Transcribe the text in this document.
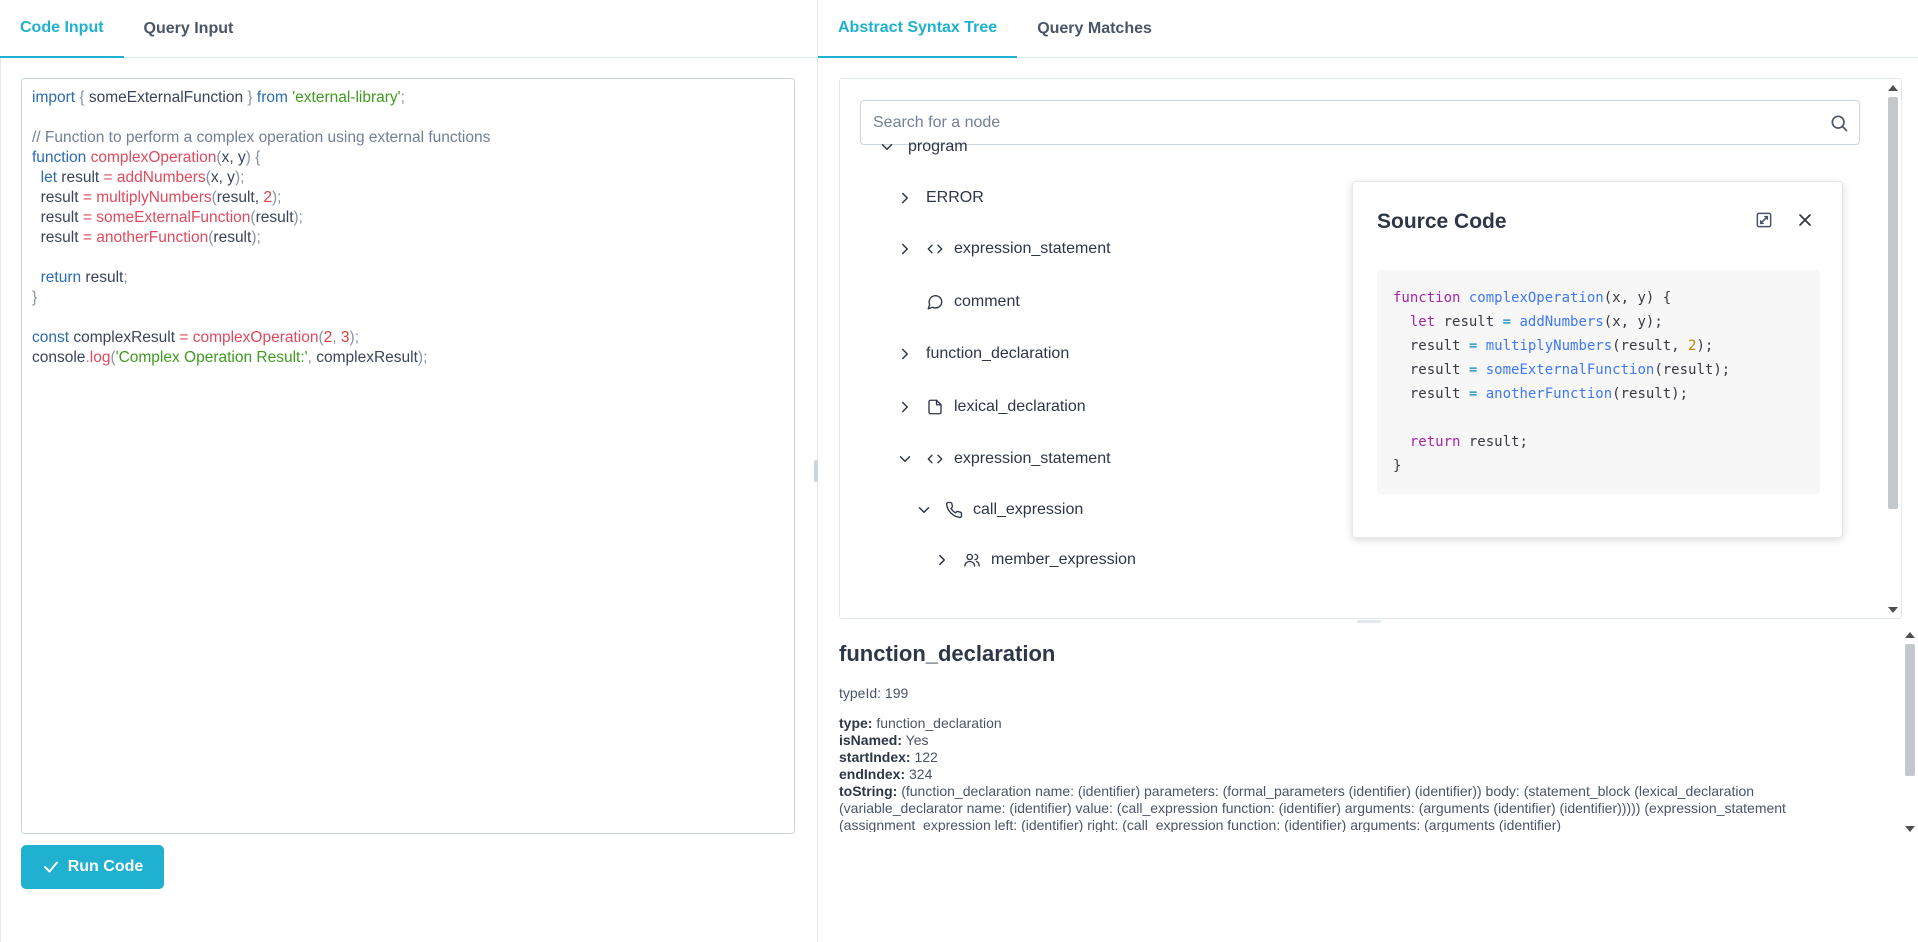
Code Input	Query Input	Abstract Syntax Tree	Query Matches
import { someExternalFunction } from 'external-library';

// Function to perform a complex operation using external functions
function complexOperation(x, y) {
let result = addNumbers(x, y);
result = multiplyNumbers(result, 2);
result = someExternalFunction(result);
result = anotherFunction(result);

return result;
}

const complexResult = complexOperation(2, 3);
console.log('Complex Operation Result:', complexResult);
Run Code
Search for a node
program
ERROR
expression_statement
comment
function_declaration
lexical_declaration
expression_statement
call_expression
member_expression
Source Code
function complexOperation(x, y) {
let result = addNumbers(x, y);
result = multiplyNumbers(result, 2);
result = someExternalFunction(result);
result = anotherFunction(result);

return result;
}
function_declaration
typeId: 199
type: function_declaration
isNamed: Yes
startIndex: 122
endIndex: 324
toString: (function_declaration name: (identifier) parameters: (formal_parameters (identifier) (identifier)) body: (statement_block (lexical_declaration (variable_declarator name: (identifier) value: (call_expression function: (identifier) arguments: (arguments (identifier) (identifier))))) (expression_statement (assignment_expression left: (identifier) right: (call_expression function: (identifier) arguments: (arguments (identifier)
